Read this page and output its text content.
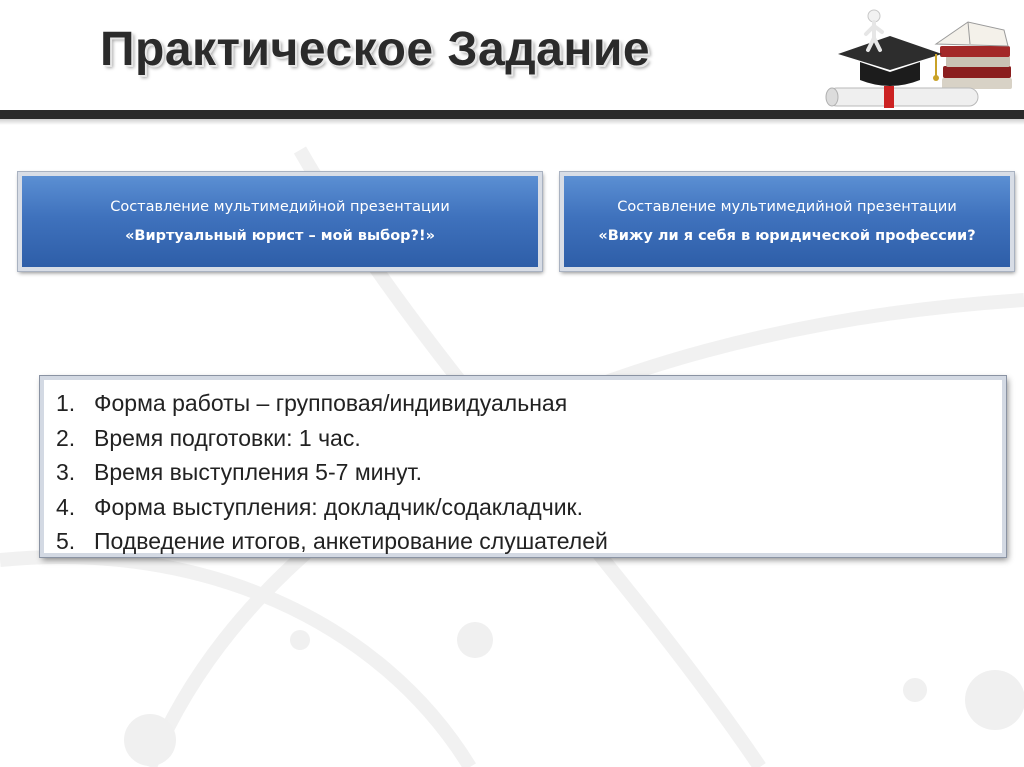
Практическое Задание
Составление мультимедийной презентации
«Виртуальный юрист – мой выбор?!»
Составление мультимедийной презентации
«Вижу ли я себя в юридической профессии?
1. Форма работы – групповая/индивидуальная
2. Время подготовки: 1 час.
3. Время выступления 5-7 минут.
4. Форма выступления: докладчик/содакладчик.
5. Подведение итогов, анкетирование слушателей
